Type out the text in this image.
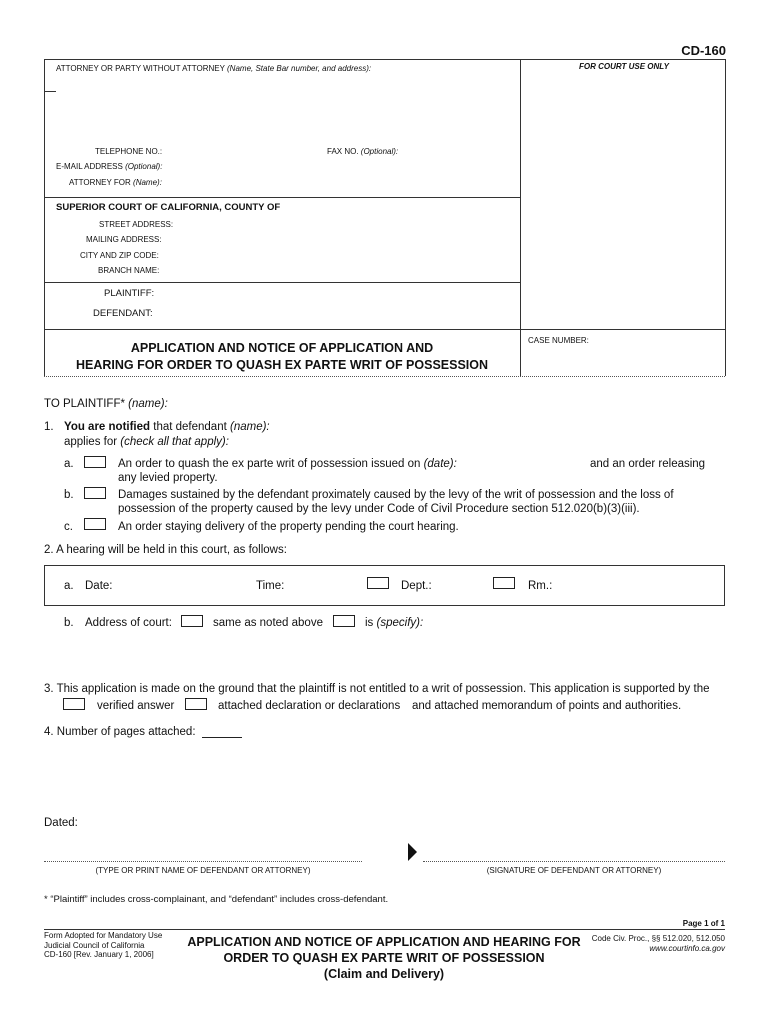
CD-160
ATTORNEY OR PARTY WITHOUT ATTORNEY (Name, State Bar number, and address):	FOR COURT USE ONLY
TELEPHONE NO.:	FAX NO. (Optional):
E-MAIL ADDRESS (Optional):
ATTORNEY FOR (Name):
SUPERIOR COURT OF CALIFORNIA, COUNTY OF
STREET ADDRESS:
MAILING ADDRESS:
CITY AND ZIP CODE:
BRANCH NAME:
PLAINTIFF:
DEFENDANT:
APPLICATION AND NOTICE OF APPLICATION AND
HEARING FOR ORDER TO QUASH EX PARTE WRIT OF POSSESSION
CASE NUMBER:
TO PLAINTIFF* (name):
1. You are notified that defendant (name):
applies for (check all that apply):
a.	An order to quash the ex parte writ of possession issued on (date):	and an order releasing
any levied property.
b.	Damages sustained by the defendant proximately caused by the levy of the writ of possession and the loss of
possession of the property caused by the levy under Code of Civil Procedure section 512.020(b)(3)(iii).
c.	An order staying delivery of the property pending the court hearing.
2. A hearing will be held in this court, as follows:
a. Date:	Time:	Dept.:	Rm.:
b. Address of court:	same as noted above	is (specify):
3. This application is made on the ground that the plaintiff is not entitled to a writ of possession. This application is supported by the
verified answer	attached declaration or declarations and attached memorandum of points and authorities.
4. Number of pages attached:
Dated:
(TYPE OR PRINT NAME OF DEFENDANT OR ATTORNEY)	(SIGNATURE OF DEFENDANT OR ATTORNEY)
* “Plaintiff” includes cross-complainant, and “defendant” includes cross-defendant.
Page 1 of 1
Form Adopted for Mandatory Use
Judicial Council of California
CD-160 [Rev. January 1, 2006]
APPLICATION AND NOTICE OF APPLICATION AND HEARING FOR
ORDER TO QUASH EX PARTE WRIT OF POSSESSION
(Claim and Delivery)
Code Civ. Proc., §§ 512.020, 512.050
www.courtinfo.ca.gov
